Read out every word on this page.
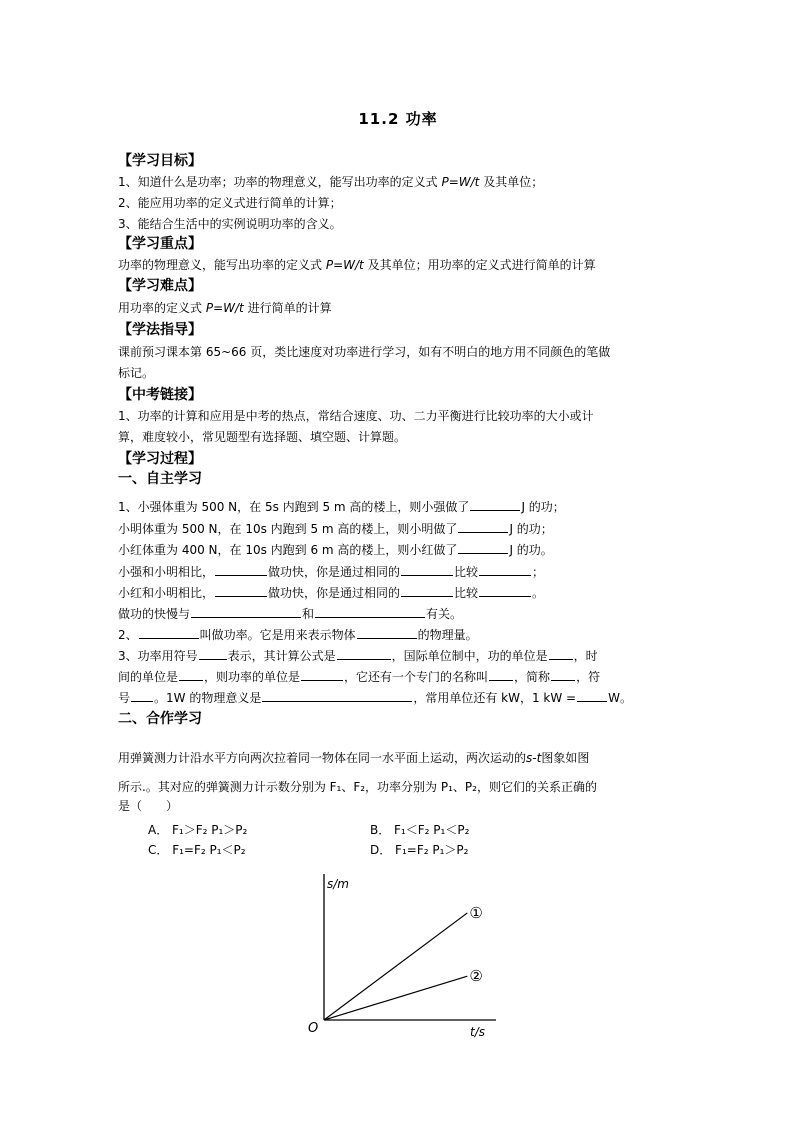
11.2 功率
【学习目标】
1、知道什么是功率；功率的物理意义，能写出功率的定义式 P=W/t 及其单位；
2、能应用功率的定义式进行简单的计算；
3、能结合生活中的实例说明功率的含义。
【学习重点】
功率的物理意义，能写出功率的定义式 P=W/t 及其单位；用功率的定义式进行简单的计算
【学习难点】
用功率的定义式 P=W/t 进行简单的计算
【学法指导】
课前预习课本第 65~66 页，类比速度对功率进行学习，如有不明白的地方用不同颜色的笔做
标记。
【中考链接】
1、功率的计算和应用是中考的热点，常结合速度、功、二力平衡进行比较功率的大小或计
算，难度较小，常见题型有选择题、填空题、计算题。
【学习过程】
一、自主学习
1、小强体重为 500 N，在 5s 内跑到 5 m 高的楼上，则小强做了	J 的功；
小明体重为 500 N，在 10s 内跑到 5 m 高的楼上，则小明做了	J 的功；
小红体重为 400 N，在 10s 内跑到 6 m 高的楼上，则小红做了	J 的功。
小强和小明相比，	做功快，你是通过相同的	比较	；
小红和小明相比，	做功快，你是通过相同的	比较	。
做功的快慢与	和	有关。
2、	叫做功率。它是用来表示物体	的物理量。
3、功率用符号	表示，其计算公式是	，国际单位制中，功的单位是 ，时
间的单位是 ，则功率的单位是	，它还有一个专门的名称叫 ，简称 ，符
号 。1W 的物理意义是	，常用单位还有 kW，1 kW =	W。
二、合作学习
用弹簧测力计沿水平方向两次拉着同一物体在同一水平面上运动，两次运动的s-t图象如图
所示.。其对应的弹簧测力计示数分别为 F₁、F₂，功率分别为 P₁、P₂，则它们的关系正确的
是（　　）
A． F₁＞F₂ P₁＞P₂	B． F₁＜F₂ P₁＜P₂
C． F₁=F₂ P₁＜P₂	D． F₁=F₂ P₁＞P₂
s/m
t/s
O
①
②
